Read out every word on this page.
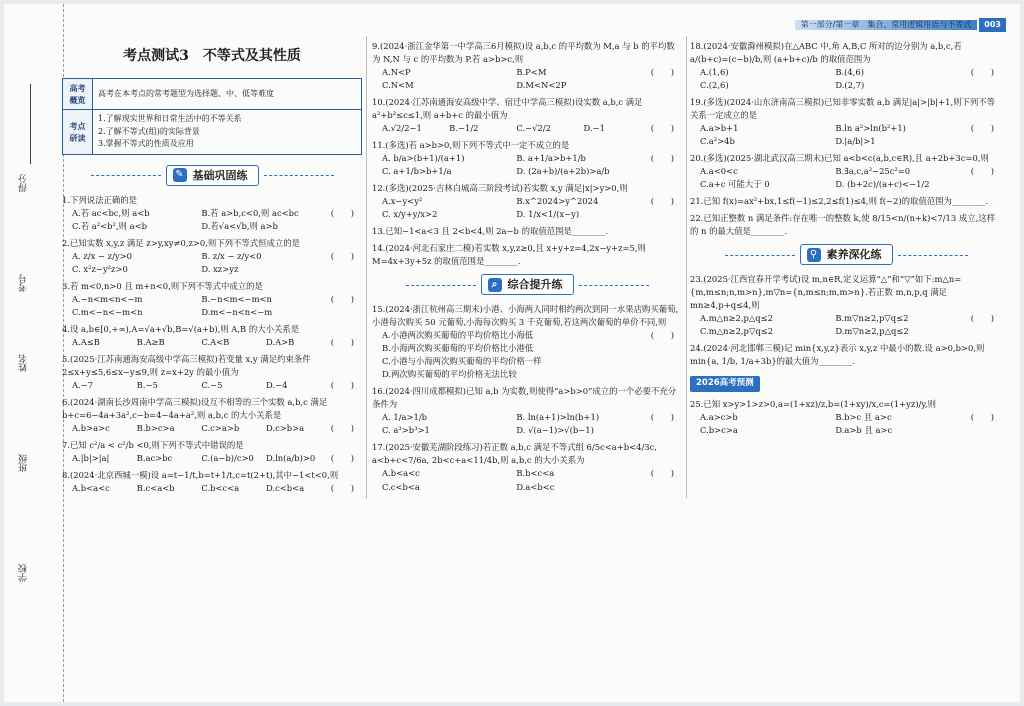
得分
考号
姓名
班级
学校
第一部分/第一章　集合、常用逻辑用语与不等式	003
考点测试3　不等式及其性质
高考概览	高考在本考点的常考题型为选择题、中、低等难度
考点研读	1.了解现实世界和日常生活中的不等关系
2.了解不等式(组)的实际背景
3.掌握不等式的性质及应用
✎ 基础巩固练
1.下列说法正确的是
(　　)
A.若 ac<bc,则 a<b	B.若 a>b,c<0,则 ac<bc
C.若 a²<b²,则 a<b	D.若√a<√b,则 a>b
2.已知实数 x,y,z 满足 z>y,xy≠0,z>0,则下列不等式恒成立的是
(　　)
A. z/x − z/y>0	B. z/x − z/y<0
C. x²z−y²z>0	D. xz>yz
3.若 m<0,n>0 且 m+n<0,则下列不等式中成立的是
(　　)
A.−n<m<n<−m	B.−n<m<−m<n
C.m<−n<−m<n	D.m<−n<n<−m
4.设 a,b∈[0,+∞),A=√a+√b,B=√(a+b),则 A,B 的大小关系是
(　　)
A.A≤B	B.A≥B	C.A<B	D.A>B
5.(2025·江苏南通海安高级中学高三模拟)若变量 x,y 满足约束条件 2≤x+y≤5,6≤x−y≤9,则 z=x+2y 的最小值为
(　　)
A.−7	B.−5	C.−5	D.−4
6.(2024·湖南长沙周南中学高三模拟)设互不相等的三个实数 a,b,c 满足 b+c=6−4a+3a²,c−b=4−4a+a²,则 a,b,c 的大小关系是
(　　)
A.b>a>c	B.b>c>a	C.c>a>b	D.c>b>a
7.已知 c²/a < c²/b <0,则下列不等式中错误的是
(　　)
A.|b|>|a|	B.ac>bc	C.(a−b)/c>0	D.ln(a/b)>0
8.(2024·北京西城一模)设 a=t−1/t,b=t+1/t,c=t(2+t),其中−1<t<0,则
(　　)
A.b<a<c	B.c<a<b	C.b<c<a	D.c<b<a
9.(2024·浙江金华第一中学高三6月模拟)设 a,b,c 的平均数为 M,a 与 b 的平均数为 N,N 与 c 的平均数为 P.若 a>b>c,则
(　　)
A.N<P	B.P<M
C.N<M	D.M<N<2P
10.(2024·江苏南通海安高级中学、宿迁中学高三模拟)设实数 a,b,c 满足 a²+b²≤c≤1,则 a+b+c 的最小值为
(　　)
A.√2/2−1	B.−1/2	C.−√2/2	D.−1
11.(多选)若 a>b>0,则下列不等式中一定不成立的是
(　　)
A. b/a>(b+1)/(a+1)	B. a+1/a>b+1/b
C. a+1/b>b+1/a	D. (2a+b)/(a+2b)>a/b
12.(多选)(2025·吉林白城高三阶段考试)若实数 x,y 满足|x|>y>0,则
(　　)
A.x−y<y²	B.x^2024>y^2024
C. x/y+y/x>2	D. 1/x<1/(x−y)
13.已知−1<a<3 且 2<b<4,则 2a−b 的取值范围是________.
14.(2024·河北石家庄二模)若实数 x,y,z≥0,且 x+y+z=4,2x−y+z=5,则 M=4x+3y+5z 的取值范围是________.
⌕ 综合提升练
15.(2024·浙江杭州高三期末)小港、小海两人同时相约两次到同一水果店购买葡萄,小港每次购买 50 元葡萄,小海每次购买 3 千克葡萄,若这两次葡萄的单价不同,则
(　　)
A.小港两次购买葡萄的平均价格比小海低
B.小海两次购买葡萄的平均价格比小港低
C.小港与小海两次购买葡萄的平均价格一样
D.两次购买葡萄的平均价格无法比较
16.(2024·四川成都模拟)已知 a,b 为实数,则使得“a>b>0”成立的一个必要不充分条件为
(　　)
A. 1/a>1/b	B. ln(a+1)>ln(b+1)
C. a³>b³>1	D. √(a−1)>√(b−1)
17.(2025·安徽芜湖阶段练习)若正数 a,b,c 满足不等式组 6/5c<a+b<4/3c, a<b+c<7/6a, 2b<c+a<11/4b,则 a,b,c 的大小关系为
(　　)
A.b<a<c	B.b<c<a
C.c<b<a	D.a<b<c
18.(2024·安徽滁州模拟)在△ABC 中,角 A,B,C 所对的边分别为 a,b,c,若 a/(b+c)=(c−b)/b,则 (a+b+c)/b 的取值范围为
(　　)
A.(1,6)	B.(4,6)
C.(2,6)	D.(2,7)
19.(多选)(2024·山东济南高三模拟)已知非零实数 a,b 满足|a|>|b|+1,则下列不等关系一定成立的是
(　　)
A.a>b+1	B.ln a²>ln(b²+1)
C.a²>4b	D.|a/b|>1
20.(多选)(2025·湖北武汉高三期末)已知 a<b<c(a,b,c∈R),且 a+2b+3c=0,则
(　　)
A.a<0<c	B.∃a,c,a²−25c²=0
C.a+c 可能大于 0	D. (b+2c)/(a+c)<−1/2
21.已知 f(x)=ax²+bx,1≤f(−1)≤2,2≤f(1)≤4,则 f(−2)的取值范围为________.
22.已知正整数 n 满足条件:存在唯一的整数 k,使 8/15<n/(n+k)<7/13 成立,这样的 n 的最大值是________.
⚲ 素养深化练
23.(2025·江西宜春开学考试)设 m,n∈R,定义运算“△”和“▽”如下:m△n={m,m≤n;n,m>n},m▽n={n,m≤n;m,m>n}.若正数 m,n,p,q 满足 mn≥4,p+q≤4,则
(　　)
A.m△n≥2,p△q≤2	B.m▽n≥2,p▽q≤2
C.m△n≥2,p▽q≤2	D.m▽n≥2,p△q≤2
24.(2024·河北邯郸三模)记 min{x,y,z}表示 x,y,z 中最小的数.设 a>0,b>0,则 min{a, 1/b, 1/a+3b}的最大值为________.
2026高考预测
25.已知 x>y>1>z>0,a=(1+xz)/z,b=(1+xy)/x,c=(1+yz)/y,则
(　　)
A.a>c>b	B.b>c 且 a>c
C.b>c>a	D.a>b 且 a>c
